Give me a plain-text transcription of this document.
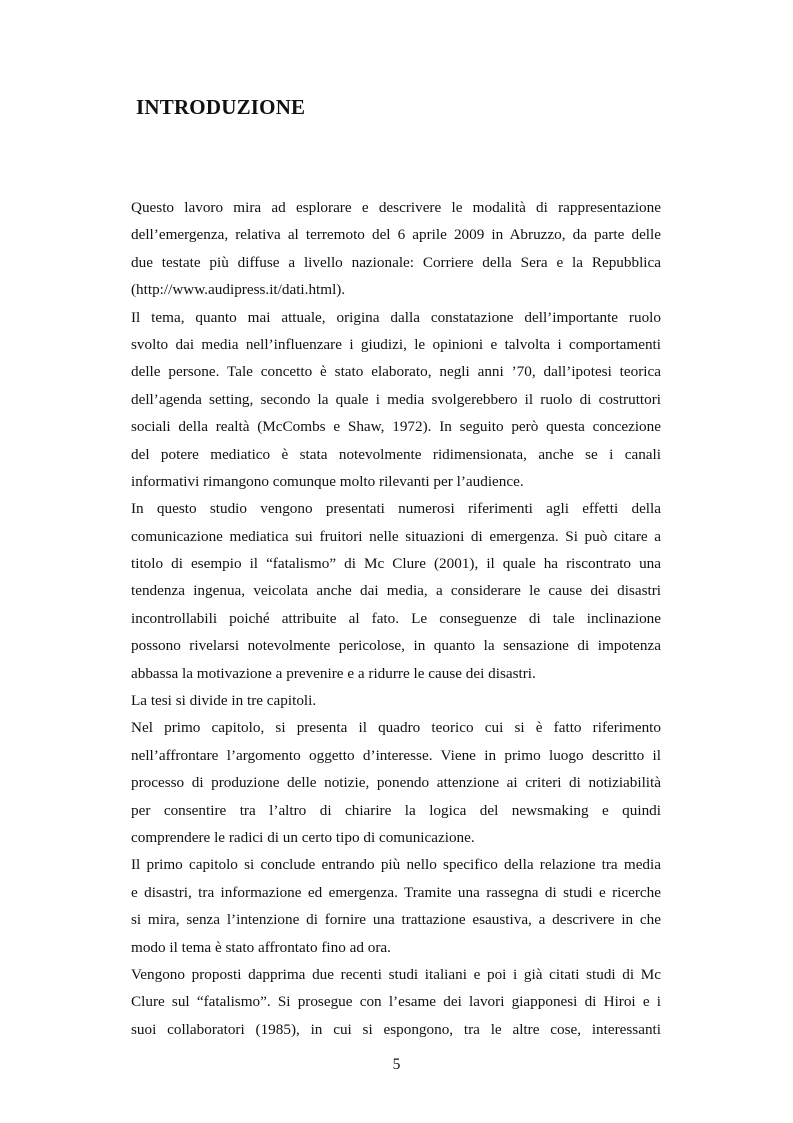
INTRODUZIONE
Questo lavoro mira ad esplorare e descrivere le modalità di rappresentazione
dell’emergenza, relativa al terremoto del 6 aprile 2009 in Abruzzo, da parte delle
due testate più diffuse a livello nazionale: Corriere della Sera e la Repubblica
(http://www.audipress.it/dati.html).
Il tema, quanto mai attuale, origina dalla constatazione dell’importante ruolo
svolto dai media nell’influenzare i giudizi, le opinioni e talvolta i comportamenti
delle persone. Tale concetto è stato elaborato, negli anni ’70, dall’ipotesi teorica
dell’agenda setting, secondo la quale i media svolgerebbero il ruolo di costruttori
sociali della realtà (McCombs e Shaw, 1972). In seguito però questa concezione
del potere mediatico è stata notevolmente ridimensionata, anche se i canali
informativi rimangono comunque molto rilevanti per l’audience.
In questo studio vengono presentati numerosi riferimenti agli effetti della
comunicazione mediatica sui fruitori nelle situazioni di emergenza. Si può citare a
titolo di esempio il “fatalismo” di Mc Clure (2001), il quale ha riscontrato una
tendenza ingenua, veicolata anche dai media, a considerare le cause dei disastri
incontrollabili poiché attribuite al fato. Le conseguenze di tale inclinazione
possono rivelarsi notevolmente pericolose, in quanto la sensazione di impotenza
abbassa la motivazione a prevenire e a ridurre le cause dei disastri.
La tesi si divide in tre capitoli.
Nel primo capitolo, si presenta il quadro teorico cui si è fatto riferimento
nell’affrontare l’argomento oggetto d’interesse. Viene in primo luogo descritto il
processo di produzione delle notizie, ponendo attenzione ai criteri di notiziabilità
per consentire tra l’altro di chiarire la logica del newsmaking e quindi
comprendere le radici di un certo tipo di comunicazione.
Il primo capitolo si conclude entrando più nello specifico della relazione tra media
e disastri, tra informazione ed emergenza. Tramite una rassegna di studi e ricerche
si mira, senza l’intenzione di fornire una trattazione esaustiva, a descrivere in che
modo il tema è stato affrontato fino ad ora.
Vengono proposti dapprima due recenti studi italiani e poi i già citati studi di Mc
Clure sul “fatalismo”. Si prosegue con l’esame dei lavori giapponesi di Hiroi e i
suoi collaboratori (1985), in cui si espongono, tra le altre cose, interessanti
5
